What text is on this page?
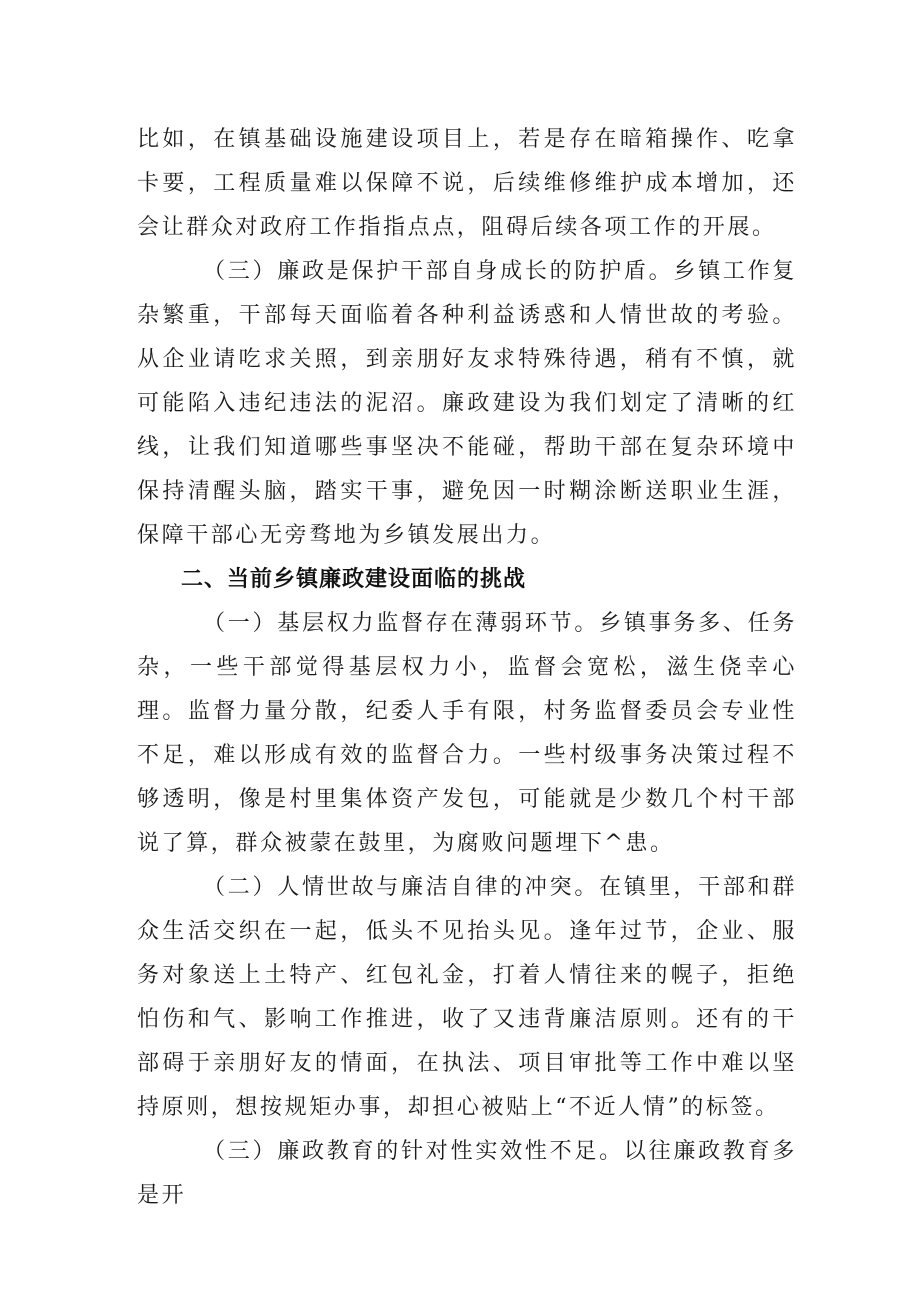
比如，在镇基础设施建设项目上，若是存在暗箱操作、吃拿卡要，工程质量难以保障不说，后续维修维护成本增加，还会让群众对政府工作指指点点，阻碍后续各项工作的开展。

（三）廉政是保护干部自身成长的防护盾。乡镇工作复杂繁重，干部每天面临着各种利益诱惑和人情世故的考验。从企业请吃求关照，到亲朋好友求特殊待遇，稍有不慎，就可能陷入违纪违法的泥沼。廉政建设为我们划定了清晰的红线，让我们知道哪些事坚决不能碰，帮助干部在复杂环境中保持清醒头脑，踏实干事，避免因一时糊涂断送职业生涯，保障干部心无旁骛地为乡镇发展出力。

二、当前乡镇廉政建设面临的挑战

（一）基层权力监督存在薄弱环节。乡镇事务多、任务杂，一些干部觉得基层权力小，监督会宽松，滋生侥幸心理。监督力量分散，纪委人手有限，村务监督委员会专业性不足，难以形成有效的监督合力。一些村级事务决策过程不够透明，像是村里集体资产发包，可能就是少数几个村干部说了算，群众被蒙在鼓里，为腐败问题埋下^患。

（二）人情世故与廉洁自律的冲突。在镇里，干部和群众生活交织在一起，低头不见抬头见。逢年过节，企业、服务对象送上土特产、红包礼金，打着人情往来的幌子，拒绝怕伤和气、影响工作推进，收了又违背廉洁原则。还有的干部碍于亲朋好友的情面，在执法、项目审批等工作中难以坚持原则，想按规矩办事，却担心被贴上“不近人情”的标签。

（三）廉政教育的针对性实效性不足。以往廉政教育多是开
